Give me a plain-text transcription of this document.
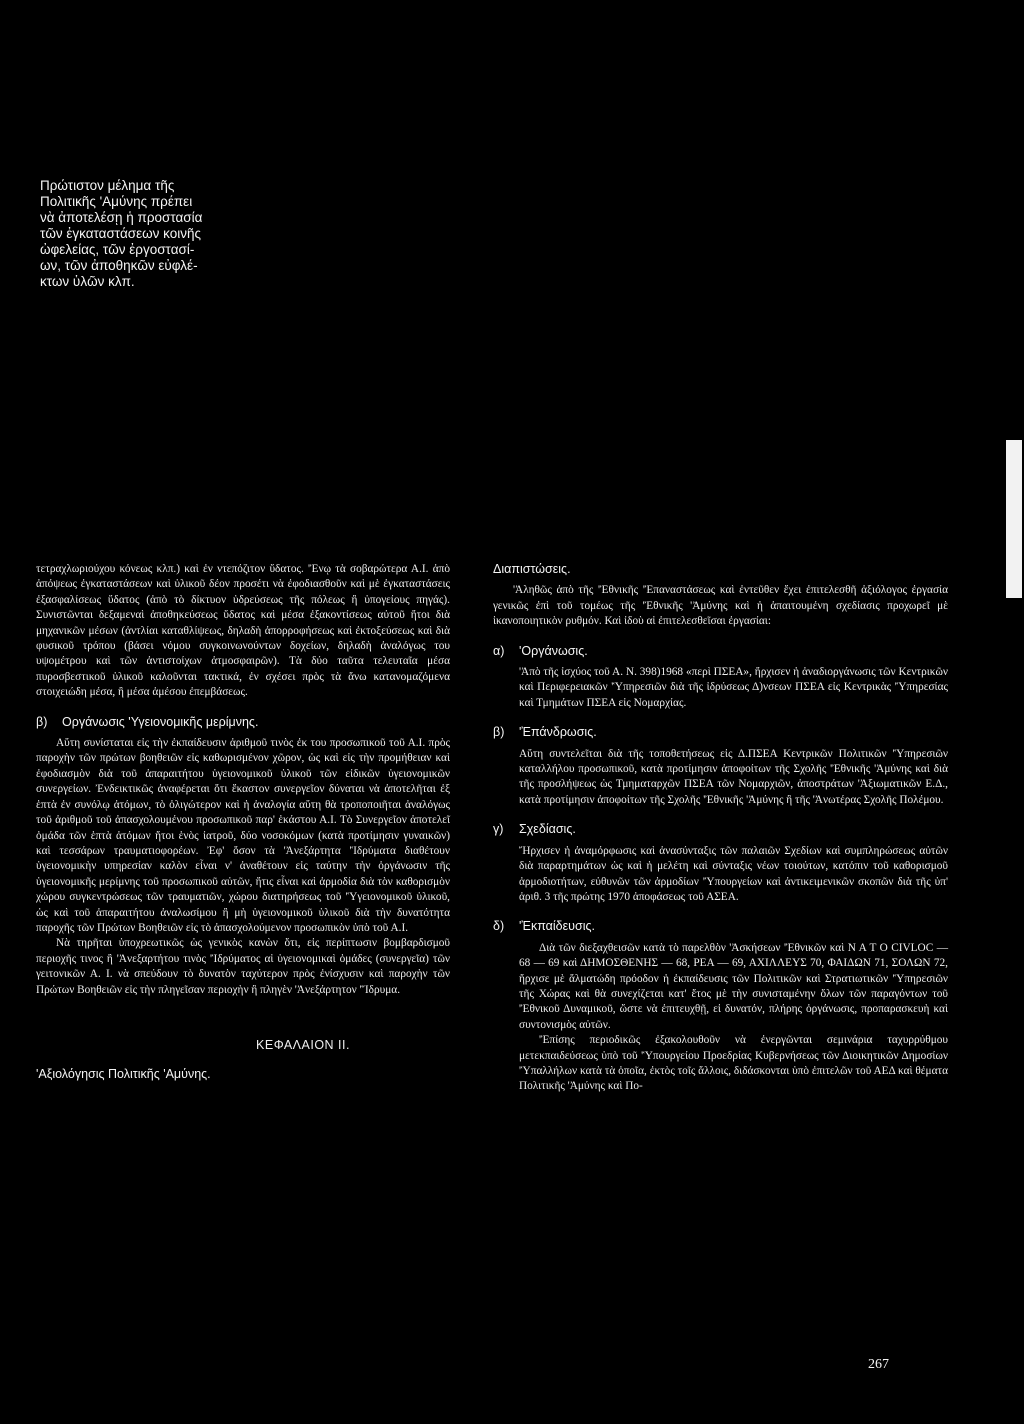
Πρώτιστον μέλημα τῆς
Πολιτικῆς 'Αμύνης πρέπει
νὰ ἀποτελέσῃ ἡ προστασία
τῶν ἐγκαταστάσεων κοινῆς
ὠφελείας, τῶν ἐργοστασί-
ων, τῶν ἀποθηκῶν εὐφλέ-
κτων ὑλῶν κλπ.

τετραχλωριούχου κόνεως κλπ.) καὶ ἐν ντεπόζιτον ὕδατος. 'Ἐνῳ τὰ σοβαρώτερα Α.Ι. ἀπὸ ἀπόψεως ἐγκαταστάσεων καὶ ὑλικοῦ δέον προσέτι νὰ ἐφοδιασθοῦν καὶ μὲ ἐγκαταστάσεις ἐξασφαλίσεως ὕδατος (ἀπὸ τὸ δίκτυον ὑδρεύσεως τῆς πόλεως ἢ ὑπογείους πηγάς). Συνιστῶνται δεξαμεναὶ ἀποθηκεύσεως ὕδατος καὶ μέσα ἐξακοντίσεως αὐτοῦ ἤτοι διὰ μηχανικῶν μέσων (ἀντλίαι καταθλίψεως, δηλαδὴ ἀπορροφήσεως καὶ ἐκτοξεύσεως καὶ διὰ φυσικοῦ τρόπου (βάσει νόμου συγκοινωνούντων δοχείων, δηλαδὴ ἀναλόγως του υψομέτρου καὶ τῶν ἀντιστοίχων ἀτμοσφαιρῶν). Τὰ δύο ταῦτα τελευταῖα μέσα πυροσβεστικοῦ ὑλικοῦ καλοῦνται τακτικά, ἐν σχέσει πρὸς τὰ ἄνω κατανομαζόμενα στοιχειώδη μέσα, ἢ μέσα ἀμέσου ἐπεμβάσεως.

β) Οργάνωσις 'Υγειονομικῆς μερίμνης.

Αὕτη συνίσταται εἰς τὴν ἐκπαίδευσιν ἀριθμοῦ τινὸς ἐκ του προσωπικοῦ τοῦ Α.Ι. πρὸς παροχὴν τῶν πρώτων βοηθειῶν εἰς καθωρισμένον χῶρον, ὡς καὶ εἰς τὴν προμήθειαν καὶ ἐφοδιασμὸν διὰ τοῦ ἀπαραιτήτου ὑγειονομικοῦ ὑλικοῦ τῶν εἰδικῶν ὑγειονομικῶν συνεργείων. Ἐνδεικτικῶς ἀναφέρεται ὅτι ἕκαστον συνεργεῖον δύναται νὰ ἀποτελῆται ἐξ ἑπτὰ ἐν συνόλῳ ἀτόμων, τὸ ὀλιγώτερον καὶ ἡ ἀναλογία αὕτη θὰ τροποποιῆται ἀναλόγως τοῦ ἀριθμοῦ τοῦ ἀπασχολουμένου προσωπικοῦ παρ' ἑκάστου Α.Ι. Τὸ Συνεργεῖον ἀποτελεῖ ὁμάδα τῶν ἑπτὰ ἀτόμων ἤτοι ἑνὸς ἰατροῦ, δύο νοσοκόμων (κατὰ προτίμησιν γυναικῶν) καὶ τεσσάρων τραυματιοφορέων. Ἐφ' ὅσον τὰ 'Ἀνεξάρτητα 'Ἱδρύματα διαθέτουν ὑγειονομικὴν υπηρεσίαν καλὸν εἶναι ν' ἀναθέτουν εἰς ταύτην τὴν ὀργάνωσιν τῆς ὑγειονομικῆς μερίμνης τοῦ προσωπικοῦ αὐτῶν, ἥτις εἶναι καὶ ἁρμοδία διὰ τὸν καθορισμὸν χώρου συγκεντρώσεως τῶν τραυματιῶν, χώρου διατηρήσεως τοῦ 'Ὑγειονομικοῦ ὑλικοῦ, ὡς καὶ τοῦ ἀπαραιτήτου ἀναλωσίμου ἢ μὴ ὑγειονομικοῦ ὑλικοῦ διὰ τὴν δυνατότητα παροχῆς τῶν Πρώτων Βοηθειῶν εἰς τὸ ἀπασχολούμενον προσωπικὸν ὑπὸ τοῦ Α.Ι.

Νὰ τηρῆται ὑποχρεωτικῶς ὡς γενικὸς κανὼν ὅτι, εἰς περίπτωσιν βομβαρδισμοῦ περιοχῆς τινος ἢ 'Ἀνεξαρτήτου τινὸς 'Ἱδρύματος αἱ ὑγειονομικαὶ ὁμάδες (συνεργεῖα) τῶν γειτονικῶν Α. Ι. νὰ σπεύδουν τὸ δυνατὸν ταχύτερον πρὸς ἐνίσχυσιν καὶ παροχὴν τῶν Πρώτων Βοηθειῶν εἰς τὴν πληγεῖσαν περιοχὴν ἢ πληγὲν 'Ἀνεξάρτητον 'Ἵδρυμα.

ΚΕΦΑΛΑΙΟΝ ΙΙ.
'Αξιολόγησις Πολιτικῆς 'Αμύνης.
Διαπιστώσεις.

'Ἀληθῶς ἀπὸ τῆς 'Ἐθνικῆς 'Ἐπαναστάσεως καὶ ἐντεῦθεν ἔχει ἐπιτελεσθῆ ἀξιόλογος ἐργασία γενικῶς ἐπὶ τοῦ τομέως τῆς 'Ἐθνικῆς 'Ἀμύνης καὶ ἡ ἀπαιτουμένη σχεδίασις προχωρεῖ μὲ ἱκανοποιητικὸν ρυθμόν. Καὶ ἰδοὺ αἱ ἐπιτελεσθεῖσαι ἐργασίαι:

α) 'Οργάνωσις.

'Ἀπὸ τῆς ἰσχύος τοῦ Α. Ν. 398)1968 «περὶ ΠΣΕΑ», ἤρχισεν ἡ ἀναδιοργάνωσις τῶν Κεντρικῶν καὶ Περιφερειακῶν 'Ὑπηρεσιῶν διὰ τῆς ἱδρύσεως Δ)νσεων ΠΣΕΑ εἰς Κεντρικὰς 'Ὑπηρεσίας καὶ Τμημάτων ΠΣΕΑ εἰς Νομαρχίας.

β) 'Ἐπάνδρωσις.

Αὕτη συντελεῖται διὰ τῆς τοποθετήσεως εἰς Δ.ΠΣΕΑ Κεντρικῶν Πολιτικῶν 'Ὑπηρεσιῶν καταλλήλου προσωπικοῦ, κατὰ προτίμησιν ἀποφοίτων τῆς Σχολῆς 'Ἐθνικῆς 'Ἀμύνης καὶ διὰ τῆς προσλήψεως ὡς Τμηματαρχῶν ΠΣΕΑ τῶν Νομαρχιῶν, ἀποστράτων 'Ἀξιωματικῶν Ε.Δ., κατὰ προτίμησιν ἀποφοίτων τῆς Σχολῆς 'Ἐθνικῆς 'Ἀμύνης ἢ τῆς 'Ἀνωτέρας Σχολῆς Πολέμου.

γ) Σχεδίασις.

Ἤρχισεν ἡ ἀναμόρφωσις καὶ ἀνασύνταξις τῶν παλαιῶν Σχεδίων καὶ συμπληρώσεως αὐτῶν διὰ παραρτημάτων ὡς καὶ ἡ μελέτη καὶ σύνταξις νέων τοιούτων, κατόπιν τοῦ καθορισμοῦ ἁρμοδιοτήτων, εὐθυνῶν τῶν ἁρμοδίων 'Ὑπουργείων καὶ ἀντικειμενικῶν σκοπῶν διὰ τῆς ὑπ' ἀριθ. 3 τῆς πρώτης 1970 ἀποφάσεως τοῦ ΑΣΕΑ.

δ) 'Ἐκπαίδευσις.

Διὰ τῶν διεξαχθεισῶν κατὰ τὸ παρελθὸν 'Ἀσκήσεων 'Ἐθνικῶν καὶ Ν Α Τ Ο CIVLOC — 68 — 69 καὶ ΔΗΜΟΣΘΕΝΗΣ — 68, ΡΕΑ — 69, ΑΧΙΛΛΕΥΣ 70, ΦΑΙΔΩΝ 71, ΣΟΛΩΝ 72, ἤρχισε μὲ ἅλματώδη πρόοδον ἡ ἐκπαίδευσις τῶν Πολιτικῶν καὶ Στρατιωτικῶν 'Ὑπηρεσιῶν τῆς Χώρας καὶ θὰ συνεχίζεται κατ' ἔτος μὲ τὴν συνισταμένην ὅλων τῶν παραγόντων τοῦ 'Ἐθνικοῦ Δυναμικοῦ, ὥστε νὰ ἐπιτευχθῇ, εἰ δυνατόν, πλήρης ὀργάνωσις, προπαρασκευὴ καὶ συντονισμὸς αὐτῶν.

'Ἐπίσης περιοδικῶς ἐξακολουθοῦν νὰ ἐνεργῶνται σεμινάρια ταχυρρύθμου μετεκπαιδεύσεως ὑπὸ τοῦ 'Ὑπουργείου Προεδρίας Κυβερνήσεως τῶν Διοικητικῶν Δημοσίων 'Ὑπαλλήλων κατὰ τὰ ὁποῖα, ἐκτὸς τοῖς ἄλλοις, διδάσκονται ὑπὸ ἐπιτελῶν τοῦ ΑΕΔ καὶ θέματα Πολιτικῆς 'Ἀμύνης καὶ Πο-

267
